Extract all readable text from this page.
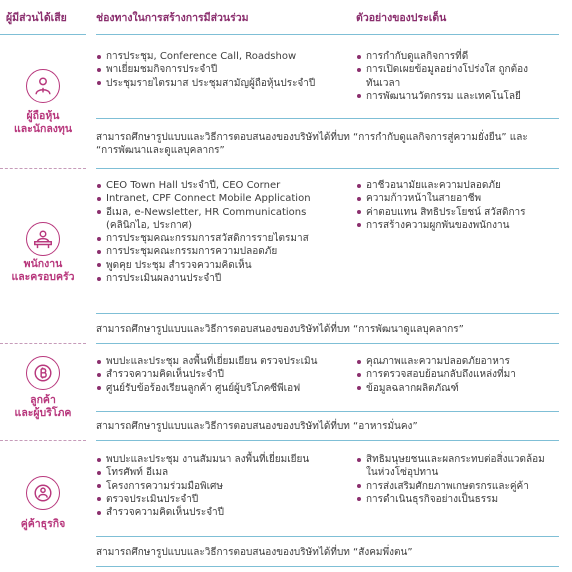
ผู้มีส่วนได้เสีย	ช่องทางในการสร้างการมีส่วนร่วม	ตัวอย่างของประเด็น
ผู้ถือหุ้น
และนักลงทุน
การประชุม, Conference Call, Roadshow
พาเยี่ยมชมกิจการประจำปี
ประชุมรายไตรมาส ประชุมสามัญผู้ถือหุ้นประจำปี
การกำกับดูแลกิจการที่ดี
การเปิดเผยข้อมูลอย่างโปร่งใส ถูกต้อง
ทันเวลา
การพัฒนานวัตกรรม และเทคโนโลยี
สามารถศึกษารูปแบบและวิธีการตอบสนองของบริษัทได้ที่บท “การกำกับดูแลกิจการสู่ความยั่งยืน” และ
“การพัฒนาและดูแลบุคลากร”
พนักงาน
และครอบครัว
CEO Town Hall ประจำปี, CEO Corner
Intranet, CPF Connect Mobile Application
อีเมล, e-Newsletter, HR Communications
(คลินิกไอ, ประกาศ)
การประชุมคณะกรรมการสวัสดิการรายไตรมาส
การประชุมคณะกรรมการความปลอดภัย
พูดคุย ประชุม สำรวจความคิดเห็น
การประเมินผลงานประจำปี
อาชีวอนามัยและความปลอดภัย
ความก้าวหน้าในสายอาชีพ
ค่าตอบแทน สิทธิประโยชน์ สวัสดิการ
การสร้างความผูกพันของพนักงาน
สามารถศึกษารูปแบบและวิธีการตอบสนองของบริษัทได้ที่บท “การพัฒนาดูแลบุคลากร”
ลูกค้า
และผู้บริโภค
พบปะและประชุม ลงพื้นที่เยี่ยมเยียน ตรวจประเมิน
สำรวจความคิดเห็นประจำปี
ศูนย์รับข้อร้องเรียนลูกค้า ศูนย์ผู้บริโภคซีพีเอฟ
คุณภาพและความปลอดภัยอาหาร
การตรวจสอบย้อนกลับถึงแหล่งที่มา
ข้อมูลฉลากผลิตภัณฑ์
สามารถศึกษารูปแบบและวิธีการตอบสนองของบริษัทได้ที่บท “อาหารมั่นคง”
คู่ค้าธุรกิจ
พบปะและประชุม งานสัมมนา ลงพื้นที่เยี่ยมเยียน
โทรศัพท์ อีเมล
โครงการความร่วมมือพิเศษ
ตรวจประเมินประจำปี
สำรวจความคิดเห็นประจำปี
สิทธิมนุษยชนและผลกระทบต่อสิ่งแวดล้อม
ในห่วงโซ่อุปทาน
การส่งเสริมศักยภาพเกษตรกรและคู่ค้า
การดำเนินธุรกิจอย่างเป็นธรรม
สามารถศึกษารูปแบบและวิธีการตอบสนองของบริษัทได้ที่บท “สังคมพึ่งตน”
